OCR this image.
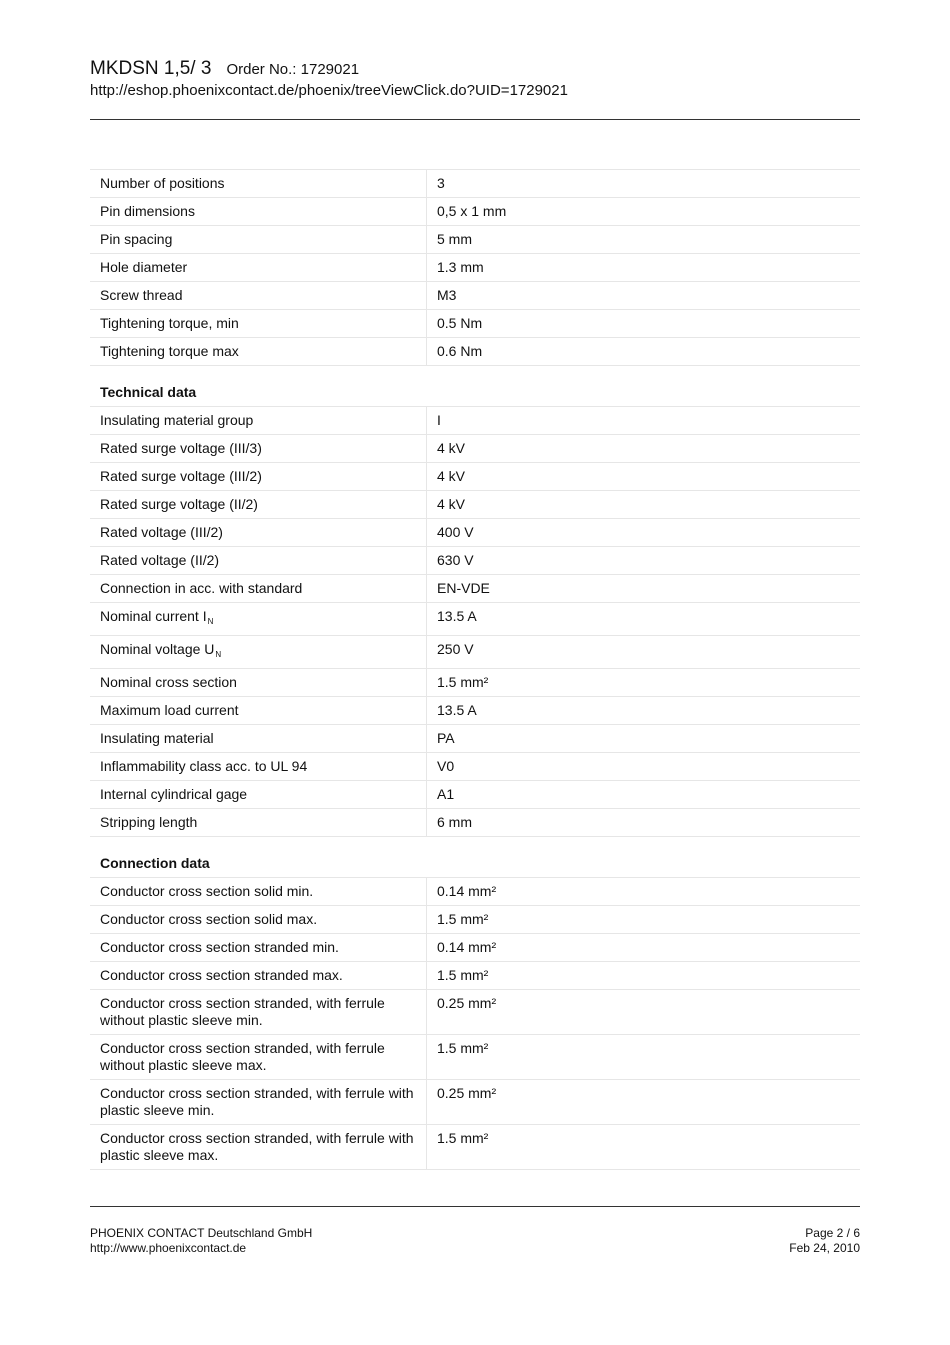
MKDSN 1,5/ 3 Order No.: 1729021
http://eshop.phoenixcontact.de/phoenix/treeViewClick.do?UID=1729021
Number of positions	3
Pin dimensions	0,5 x 1 mm
Pin spacing	5 mm
Hole diameter	1.3 mm
Screw thread	M3
Tightening torque, min	0.5 Nm
Tightening torque max	0.6 Nm
Technical data	
Insulating material group	I
Rated surge voltage (III/3)	4 kV
Rated surge voltage (III/2)	4 kV
Rated surge voltage (II/2)	4 kV
Rated voltage (III/2)	400 V
Rated voltage (II/2)	630 V
Connection in acc. with standard	EN-VDE
Nominal current $I_N$	13.5 A
Nominal voltage $U_N$	250 V
Nominal cross section	1.5 mm²
Maximum load current	13.5 A
Insulating material	PA
Inflammability class acc. to UL 94	V0
Internal cylindrical gage	A1
Stripping length	6 mm
Connection data	
Conductor cross section solid min.	0.14 mm²
Conductor cross section solid max.	1.5 mm²
Conductor cross section stranded min.	0.14 mm²
Conductor cross section stranded max.	1.5 mm²
Conductor cross section stranded, with ferrule without plastic sleeve min.	0.25 mm²
Conductor cross section stranded, with ferrule without plastic sleeve max.	1.5 mm²
Conductor cross section stranded, with ferrule with plastic sleeve min.	0.25 mm²
Conductor cross section stranded, with ferrule with plastic sleeve max.	1.5 mm²
PHOENIX CONTACT Deutschland GmbH
http://www.phoenixcontact.de
Page 2 / 6
Feb 24, 2010
